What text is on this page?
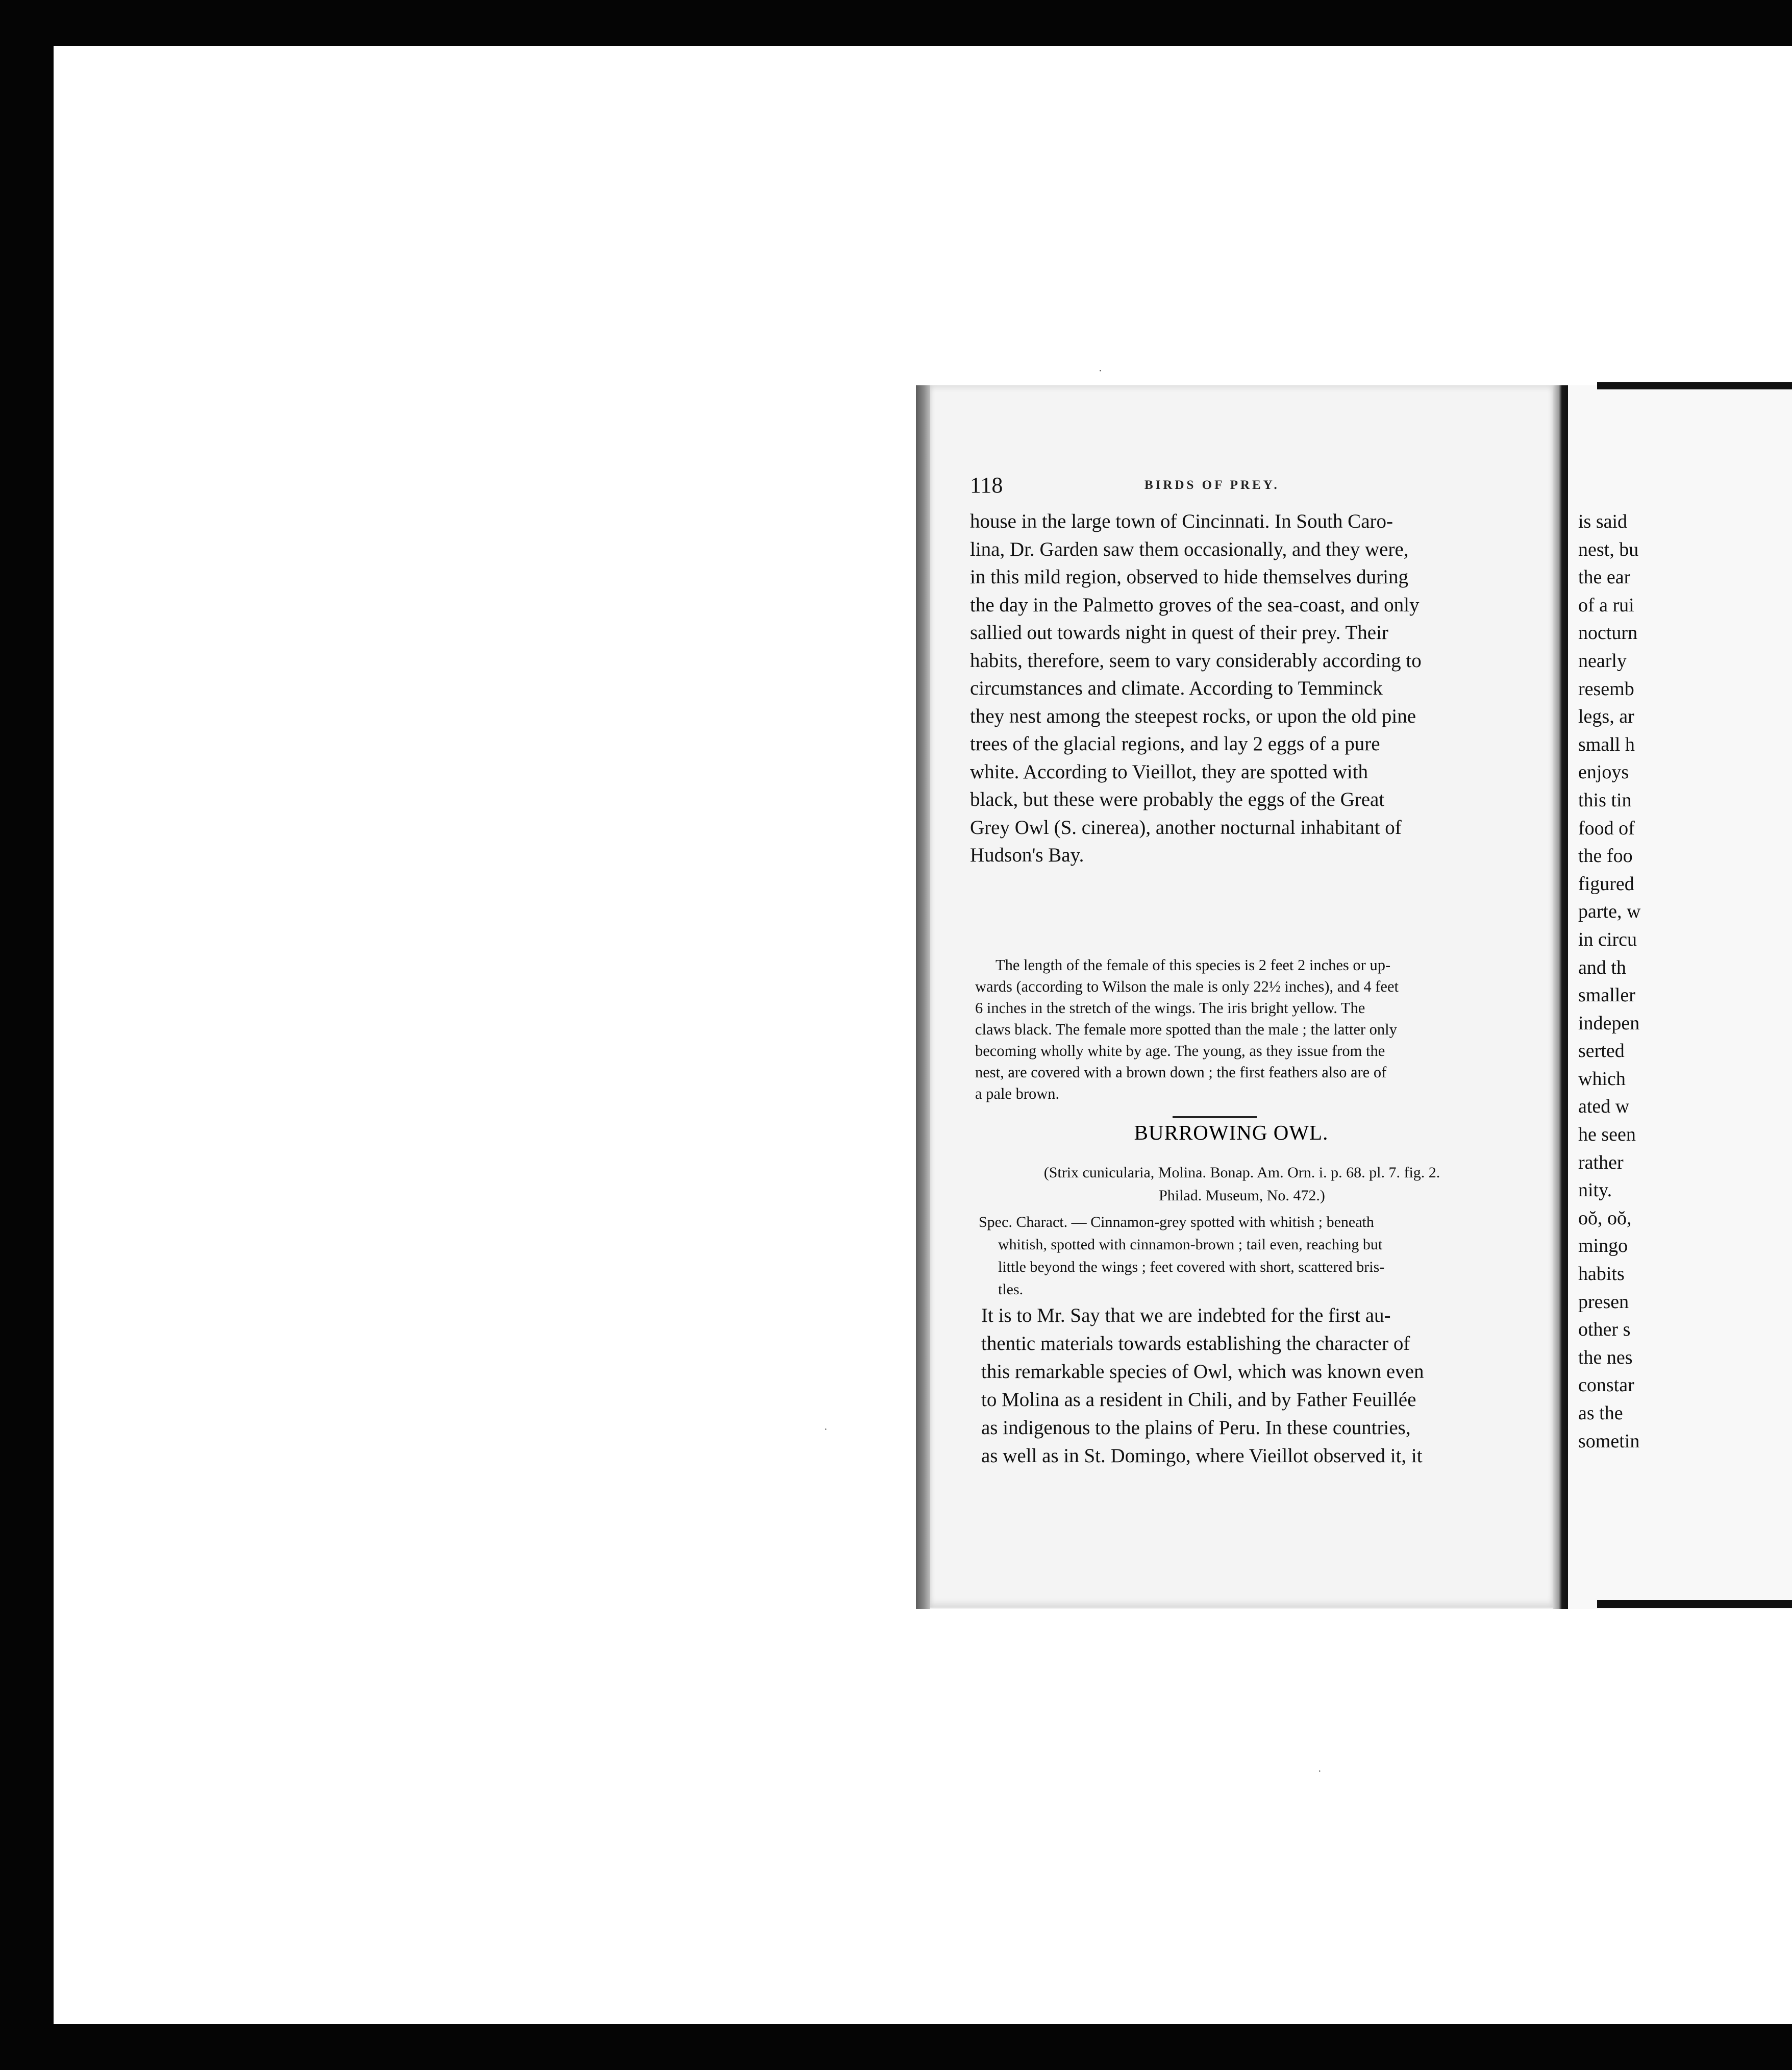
·
·
·
118	BIRDS OF PREY.
house in the large town of Cincinnati. In South Caro-
lina, Dr. Garden saw them occasionally, and they were,
in this mild region, observed to hide themselves during
the day in the Palmetto groves of the sea-coast, and only
sallied out towards night in quest of their prey. Their
habits, therefore, seem to vary considerably according to
circumstances and climate. According to Temminck
they nest among the steepest rocks, or upon the old pine
trees of the glacial regions, and lay 2 eggs of a pure
white. According to Vieillot, they are spotted with
black, but these were probably the eggs of the Great
Grey Owl (S. cinerea), another nocturnal inhabitant of
Hudson's Bay.
The length of the female of this species is 2 feet 2 inches or up-
wards (according to Wilson the male is only 22½ inches), and 4 feet
6 inches in the stretch of the wings. The iris bright yellow. The
claws black. The female more spotted than the male ; the latter only
becoming wholly white by age. The young, as they issue from the
nest, are covered with a brown down ; the first feathers also are of
a pale brown.
BURROWING OWL.
(Strix cunicularia, Molina. Bonap. Am. Orn. i. p. 68. pl. 7. fig. 2.
Philad. Museum, No. 472.)
Spec. Charact. — Cinnamon-grey spotted with whitish ; beneath
whitish, spotted with cinnamon-brown ; tail even, reaching but
little beyond the wings ; feet covered with short, scattered bris-
tles.
It is to Mr. Say that we are indebted for the first au-
thentic materials towards establishing the character of
this remarkable species of Owl, which was known even
to Molina as a resident in Chili, and by Father Feuillée
as indigenous to the plains of Peru. In these countries,
as well as in St. Domingo, where Vieillot observed it, it
is said
nest, bu
the ear
of a rui
nocturn
nearly
resemb
legs, ar
small h
enjoys
this tin
food of
the foo
figured
parte, w
in circu
and th
smaller
indepen
serted
which
ated w
he seen
rather
nity.
oŏ, oŏ,
mingo
habits
presen
other s
the nes
constar
as the
sometin
